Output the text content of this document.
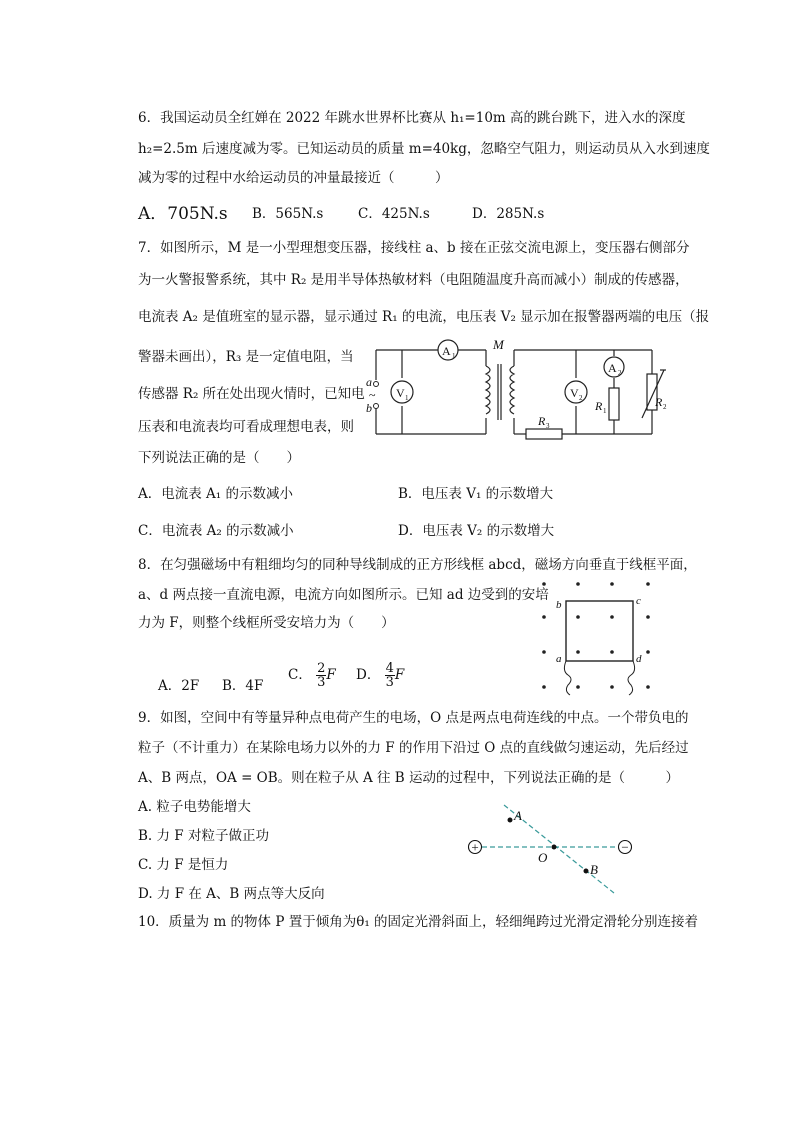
6．我国运动员全红婵在 2022 年跳水世界杯比赛从 h₁=10m 高的跳台跳下，进入水的深度
h₂=2.5m 后速度减为零。已知运动员的质量 m=40kg，忽略空气阻力，则运动员从入水到速度
减为零的过程中水给运动员的冲量最接近（　　　）
A．705N.s B．565N.s	C．425N.s	D．285N.s
7．如图所示，M 是一小型理想变压器，接线柱 a、b 接在正弦交流电源上，变压器右侧部分
为一火警报警系统，其中 R₂ 是用半导体热敏材料（电阻随温度升高而减小）制成的传感器，
电流表 A₂ 是值班室的显示器，显示通过 R₁ 的电流，电压表 V₂ 显示加在报警器两端的电压（报
警器未画出），R₃ 是一定值电阻，当
传感器 R₂ 所在处出现火情时，已知电
压表和电流表均可看成理想电表，则
下列说法正确的是（　　）
a
~
b
M
A 1
V 1	V 2
A 2
R 1
R 2
R 3
A．电流表 A₁ 的示数减小	B．电压表 V₁ 的示数增大
C．电流表 A₂ 的示数减小	D．电压表 V₂ 的示数增大
8．在匀强磁场中有粗细均匀的同种导线制成的正方形线框 abcd，磁场方向垂直于线框平面，
a、d 两点接一直流电源，电流方向如图所示。已知 ad 边受到的安培
力为 F，则整个线框所受安培力为（　　）
A．2F B．4F
C． $\frac{2}{3}$ F D． $\frac{4}{3}$ F
b	c
a	d
9．如图，空间中有等量异种点电荷产生的电场，O 点是两点电荷连线的中点。一个带负电的
粒子（不计重力）在某除电场力以外的力 F 的作用下沿过 O 点的直线做匀速运动，先后经过
A、B 两点，OA = OB。则在粒子从 A 往 B 运动的过程中，下列说法正确的是（　　　）
A. 粒子电势能增大
B. 力 F 对粒子做正功
C. 力 F 是恒力
D. 力 F 在 A、B 两点等大反向
+	−
A
O
B
10．质量为 m 的物体 P 置于倾角为θ₁ 的固定光滑斜面上，轻细绳跨过光滑定滑轮分别连接着
